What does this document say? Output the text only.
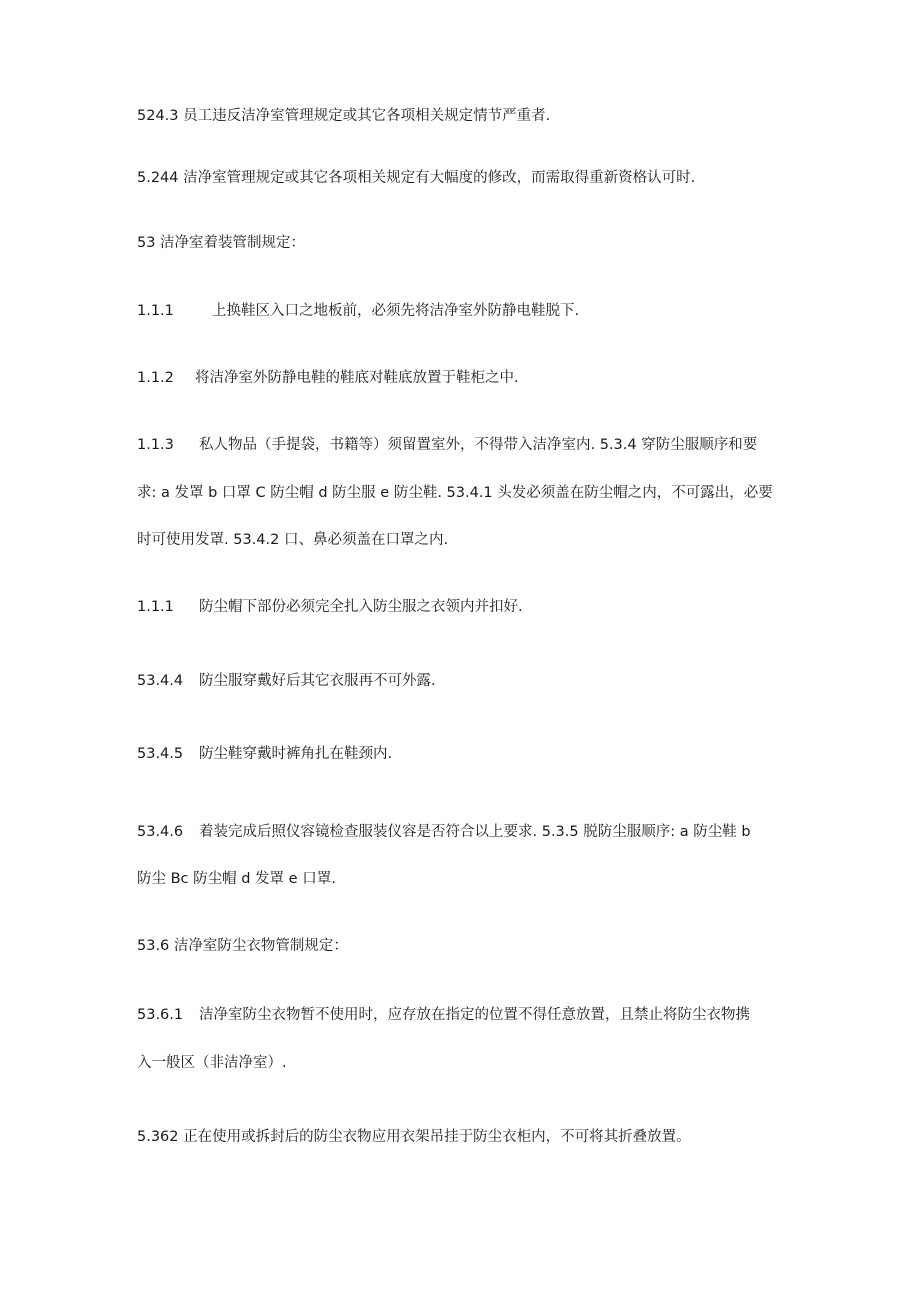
524.3 员工违反洁净室管理规定或其它各项相关规定情节严重者.
5.244 洁净室管理规定或其它各项相关规定有大幅度的修改，而需取得重新资格认可时.
53 洁净室着装管制规定：
1.1.1	上换鞋区入口之地板前，必须先将洁净室外防静电鞋脱下.
1.1.2 将洁净室外防静电鞋的鞋底对鞋底放置于鞋柜之中.
1.1.3 私人物品（手提袋，书籍等）须留置室外，不得带入洁净室内. 5.3.4 穿防尘服顺序和要
求: a 发罩 b 口罩 C 防尘帽 d 防尘服 e 防尘鞋. 53.4.1 头发必须盖在防尘帽之内，不可露出，必要
时可使用发罩. 53.4.2 口、鼻必须盖在口罩之内.
1.1.1 防尘帽下部份必须完全扎入防尘服之衣领内并扣好.
53.4.4 防尘服穿戴好后其它衣服再不可外露.
53.4.5 防尘鞋穿戴时裤角扎在鞋颈内.
53.4.6 着装完成后照仪容镜检查服装仪容是否符合以上要求. 5.3.5 脱防尘服顺序: a 防尘鞋 b
防尘 Bc 防尘帽 d 发罩 e 口罩.
53.6 洁净室防尘衣物管制规定：
53.6.1 洁净室防尘衣物暂不使用时，应存放在指定的位置不得任意放置，且禁止将防尘衣物携
入一般区（非洁净室）.
5.362 正在使用或拆封后的防尘衣物应用衣架吊挂于防尘衣柜内，不可将其折叠放置。
